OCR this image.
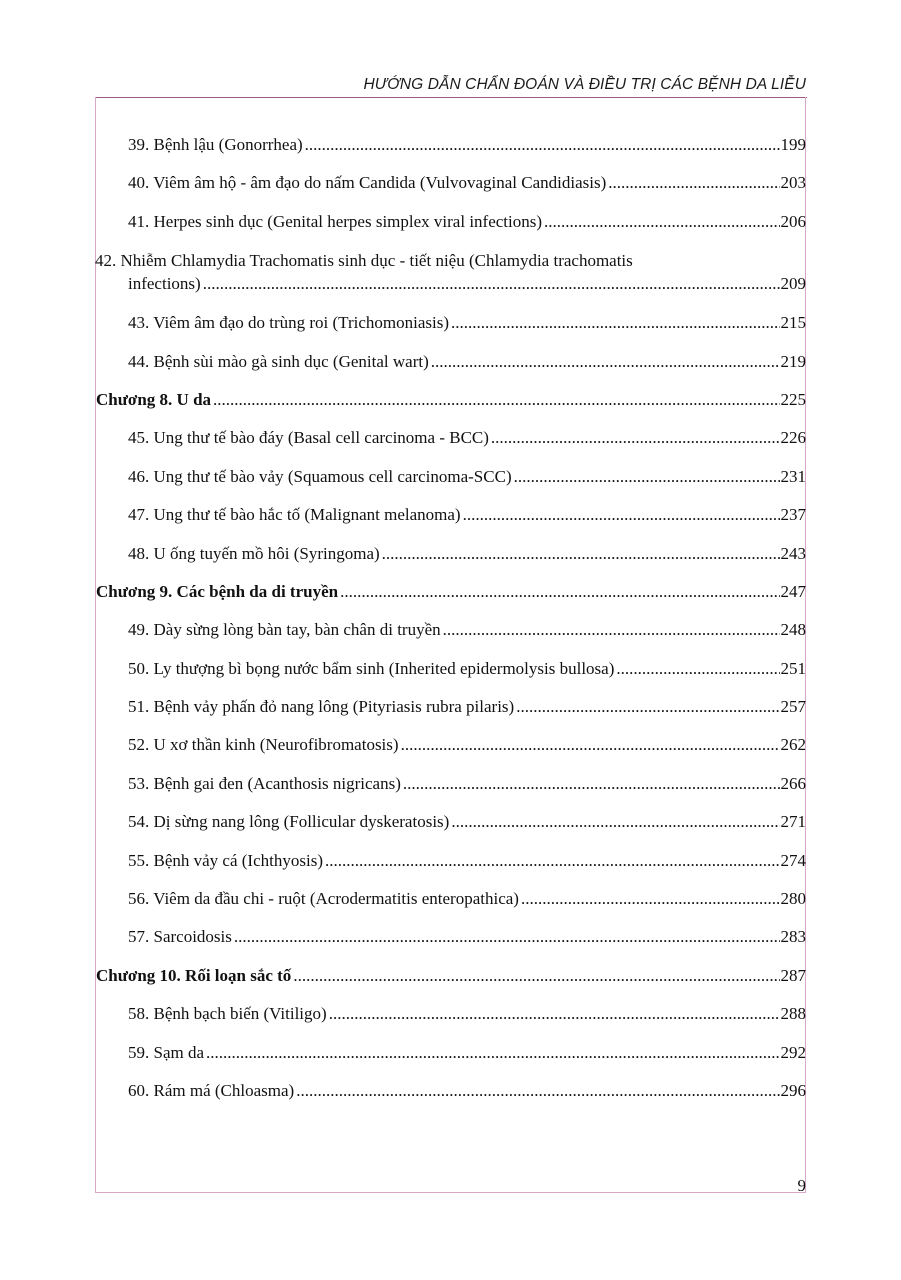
HƯỚNG DẪN CHẨN ĐOÁN VÀ ĐIỀU TRỊ CÁC BỆNH DA LIỄU
39. Bệnh lậu (Gonorrhea) .....	199
40. Viêm âm hộ - âm đạo do nấm Candida (Vulvovaginal Candidiasis) .....	203
41. Herpes sinh dục (Genital herpes simplex viral infections) .....	206
42. Nhiễm Chlamydia Trachomatis sinh dục - tiết niệu (Chlamydia trachomatis
infections) .....	209
43. Viêm âm đạo do trùng roi (Trichomoniasis) .....	215
44. Bệnh sùi mào gà sinh dục (Genital wart) .....	219
Chương 8. U da .....	225
45. Ung thư tế bào đáy (Basal cell carcinoma - BCC) .....	226
46. Ung thư tế bào vảy (Squamous cell carcinoma-SCC) .....	231
47. Ung thư tế bào hắc tố (Malignant melanoma) .....	237
48. U ống tuyến mồ hôi (Syringoma) .....	243
Chương 9. Các bệnh da di truyền .....	247
49. Dày sừng lòng bàn tay, bàn chân di truyền .....	248
50. Ly thượng bì bọng nước bẩm sinh (Inherited epidermolysis bullosa) .....	251
51. Bệnh vảy phấn đỏ nang lông (Pityriasis rubra pilaris) .....	257
52. U xơ thần kinh (Neurofibromatosis) .....	262
53. Bệnh gai đen (Acanthosis nigricans) .....	266
54. Dị sừng nang lông (Follicular dyskeratosis) .....	271
55. Bệnh vảy cá (Ichthyosis) .....	274
56. Viêm da đầu chi - ruột (Acrodermatitis enteropathica) .....	280
57. Sarcoidosis .....	283
Chương 10. Rối loạn sắc tố .....	287
58. Bệnh bạch biến (Vitiligo) .....	288
59. Sạm da .....	292
60. Rám má (Chloasma) .....	296
9
